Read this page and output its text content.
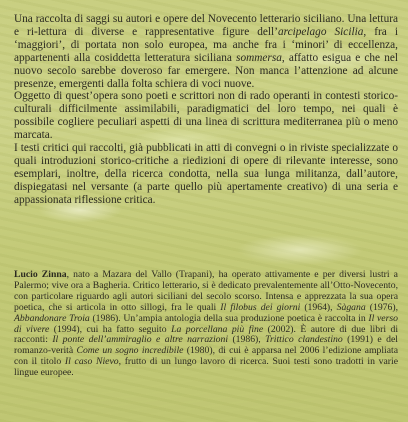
Una raccolta di saggi su autori e opere del Novecento letterario siciliano. Una lettura e ri-lettura di diverse e rappresentative figure dell’arcipelago Sicilia, fra i ‘maggiori’, di portata non solo europea, ma anche fra i ‘minori’ di eccellenza, appartenenti alla cosiddetta letteratura siciliana sommersa, affatto esigua e che nel nuovo secolo sarebbe doveroso far emergere. Non manca l’attenzione ad alcune presenze, emergenti dalla folta schiera di voci nuove.

Oggetto di quest’opera sono poeti e scrittori non di rado operanti in contesti storico-culturali difficilmente assimilabili, paradigmatici del loro tempo, nei quali è possibile cogliere peculiari aspetti di una linea di scrittura mediterranea più o meno marcata.

I testi critici qui raccolti, già pubblicati in atti di convegni o in riviste specializzate o quali introduzioni storico-critiche a riedizioni di opere di rilevante interesse, sono esemplari, inoltre, della ricerca condotta, nella sua lunga militanza, dall’autore, dispiegatasi nel versante (a parte quello più apertamente creativo) di una seria e appassionata riflessione critica.

Lucio Zinna, nato a Mazara del Vallo (Trapani), ha operato attivamente e per diversi lustri a Palermo; vive ora a Bagheria. Critico letterario, si è dedicato prevalentemente all’Otto-Novecento, con particolare riguardo agli autori siciliani del secolo scorso. Intensa e apprezzata la sua opera poetica, che si articola in otto sillogi, fra le quali Il filobus dei giorni (1964), Sàgana (1976), Abbandonare Troia (1986). Un’ampia antologia della sua produzione poetica è raccolta in Il verso di vivere (1994), cui ha fatto seguito La porcellana più fine (2002). È autore di due libri di racconti: Il ponte dell’ammiraglio e altre narrazioni (1986), Trittico clandestino (1991) e del romanzo-verità Come un sogno incredibile (1980), di cui è apparsa nel 2006 l’edizione ampliata con il titolo Il caso Nievo, frutto di un lungo lavoro di ricerca. Suoi testi sono tradotti in varie lingue europee.
